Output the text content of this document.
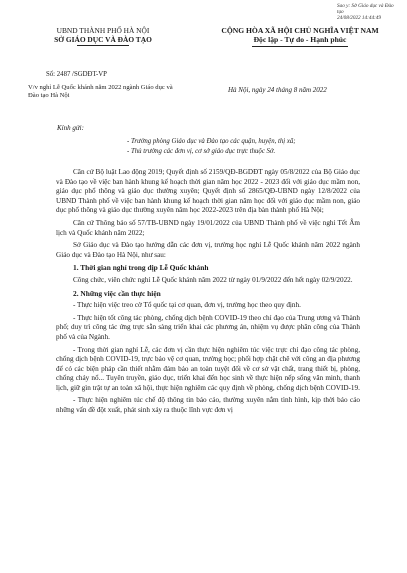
Sao y: Sở Giáo dục và Đào tạo
24/08/2022 14:44:49
UBND THÀNH PHỐ HÀ NỘI
SỞ GIÁO DỤC VÀ ĐÀO TẠO
CỘNG HÒA XÃ HỘI CHỦ NGHĨA VIỆT NAM
Độc lập - Tự do - Hạnh phúc
Số: 2487 /SGDĐT-VP
V/v nghỉ Lễ Quốc khánh năm 2022 ngành Giáo dục và Đào tạo Hà Nội
Hà Nội, ngày 24 tháng 8 năm 2022
Kính gửi:
- Trưởng phòng Giáo dục và Đào tạo các quận, huyện, thị xã;
- Thủ trưởng các đơn vị, cơ sở giáo dục trực thuộc Sở.

Căn cứ Bộ luật Lao động 2019; Quyết định số 2159/QĐ-BGDĐT ngày 05/8/2022 của Bộ Giáo dục và Đào tạo về việc ban hành khung kế hoạch thời gian năm học 2022 - 2023 đối với giáo dục mầm non, giáo dục phổ thông và giáo dục thường xuyên; Quyết định số 2865/QĐ-UBND ngày 12/8/2022 của UBND Thành phố về việc ban hành khung kế hoạch thời gian năm học đối với giáo dục mầm non, giáo dục phổ thông và giáo dục thường xuyên năm học 2022-2023 trên địa bàn thành phố Hà Nội;

Căn cứ Thông báo số 57/TB-UBND ngày 19/01/2022 của UBND Thành phố về việc nghỉ Tết Âm lịch và Quốc khánh năm 2022;

Sở Giáo dục và Đào tạo hướng dẫn các đơn vị, trường học nghỉ Lễ Quốc khánh năm 2022 ngành Giáo dục và Đào tạo Hà Nội, như sau:

1. Thời gian nghỉ trong dịp Lễ Quốc khánh

Công chức, viên chức nghỉ Lễ Quốc khánh năm 2022 từ ngày 01/9/2022 đến hết ngày 02/9/2022.

2. Những việc cần thực hiện

- Thực hiện việc treo cờ Tổ quốc tại cơ quan, đơn vị, trường học theo quy định.

- Thực hiện tốt công tác phòng, chống dịch bệnh COVID-19 theo chỉ đạo của Trung ương và Thành phố; duy trì công tác ứng trực sẵn sàng triển khai các phương án, nhiệm vụ được phân công của Thành phố và của Ngành.

- Trong thời gian nghỉ Lễ, các đơn vị cần thực hiện nghiêm túc việc trực chỉ đạo công tác phòng, chống dịch bệnh COVID-19, trực bảo vệ cơ quan, trường học; phối hợp chặt chẽ với công an địa phương để có các biện pháp cần thiết nhằm đảm bảo an toàn tuyệt đối về cơ sở vật chất, trang thiết bị, phòng, chống cháy nổ... Tuyên truyền, giáo dục, triển khai đến học sinh về thực hiện nếp sống văn minh, thanh lịch, giữ gìn trật tự an toàn xã hội, thực hiện nghiêm các quy định về phòng, chống dịch bệnh COVID-19.

- Thực hiện nghiêm túc chế độ thông tin báo cáo, thường xuyên nắm tình hình, kịp thời báo cáo những vấn đề đột xuất, phát sinh xảy ra thuộc lĩnh vực đơn vị
